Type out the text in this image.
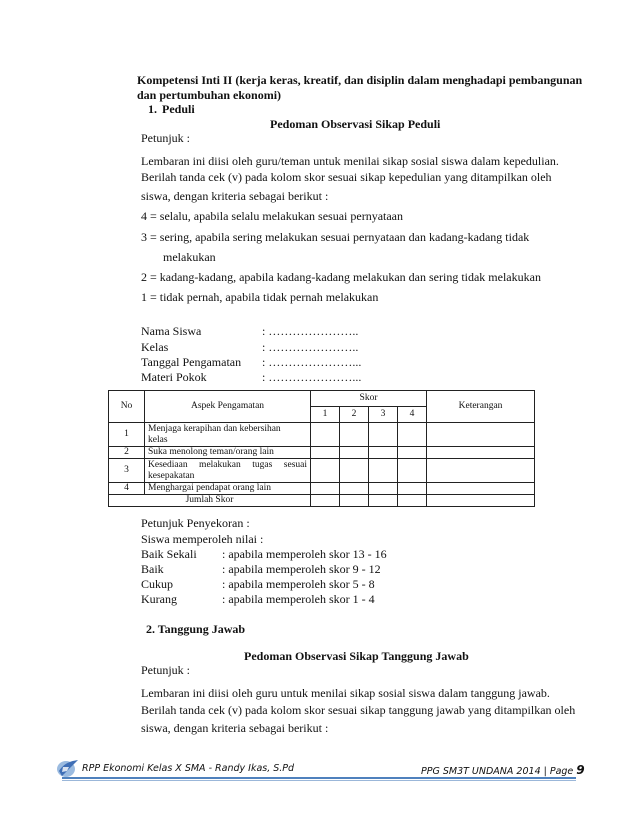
Kompetensi Inti II (kerja keras, kreatif, dan disiplin dalam menghadapi pembangunan
dan pertumbuhan ekonomi)
1. Peduli
Pedoman Observasi Sikap Peduli
Petunjuk :
Lembaran ini diisi oleh guru/teman untuk menilai sikap sosial siswa dalam kepedulian.
Berilah tanda cek (v) pada kolom skor sesuai sikap kepedulian yang ditampilkan oleh
siswa, dengan kriteria sebagai berikut :
4 = selalu, apabila selalu melakukan sesuai pernyataan
3 = sering, apabila sering melakukan sesuai pernyataan dan kadang-kadang tidak
melakukan
2 = kadang-kadang, apabila kadang-kadang melakukan dan sering tidak melakukan
1 = tidak pernah, apabila tidak pernah melakukan
Nama Siswa	: …………………..
Kelas	: …………………..
Tanggal Pengamatan : …………………...
Materi Pokok	: …………………...
No	Aspek Pengamatan	Skor				Keterangan
		1	2	3	4	
1	Menjaga kerapihan dan kebersihan
kelas					

2	Suka menolong teman/orang lain					
3	Kesediaan melakukan tugas sesuai
kesepakatan					

4	Menghargai pendapat orang lain					
Jumlah Skor						
Petunjuk Penyekoran :
Siswa memperoleh nilai :
Baik Sekali : apabila memperoleh skor 13 - 16
Baik	: apabila memperoleh skor 9 - 12
Cukup	: apabila memperoleh skor 5 - 8
Kurang	: apabila memperoleh skor 1 - 4
2. Tanggung Jawab
Pedoman Observasi Sikap Tanggung Jawab
Petunjuk :
Lembaran ini diisi oleh guru untuk menilai sikap sosial siswa dalam tanggung jawab.
Berilah tanda cek (v) pada kolom skor sesuai sikap tanggung jawab yang ditampilkan oleh
siswa, dengan kriteria sebagai berikut :
RPP Ekonomi Kelas X SMA - Randy Ikas, S.Pd	PPG SM3T UNDANA 2014 | Page 9
